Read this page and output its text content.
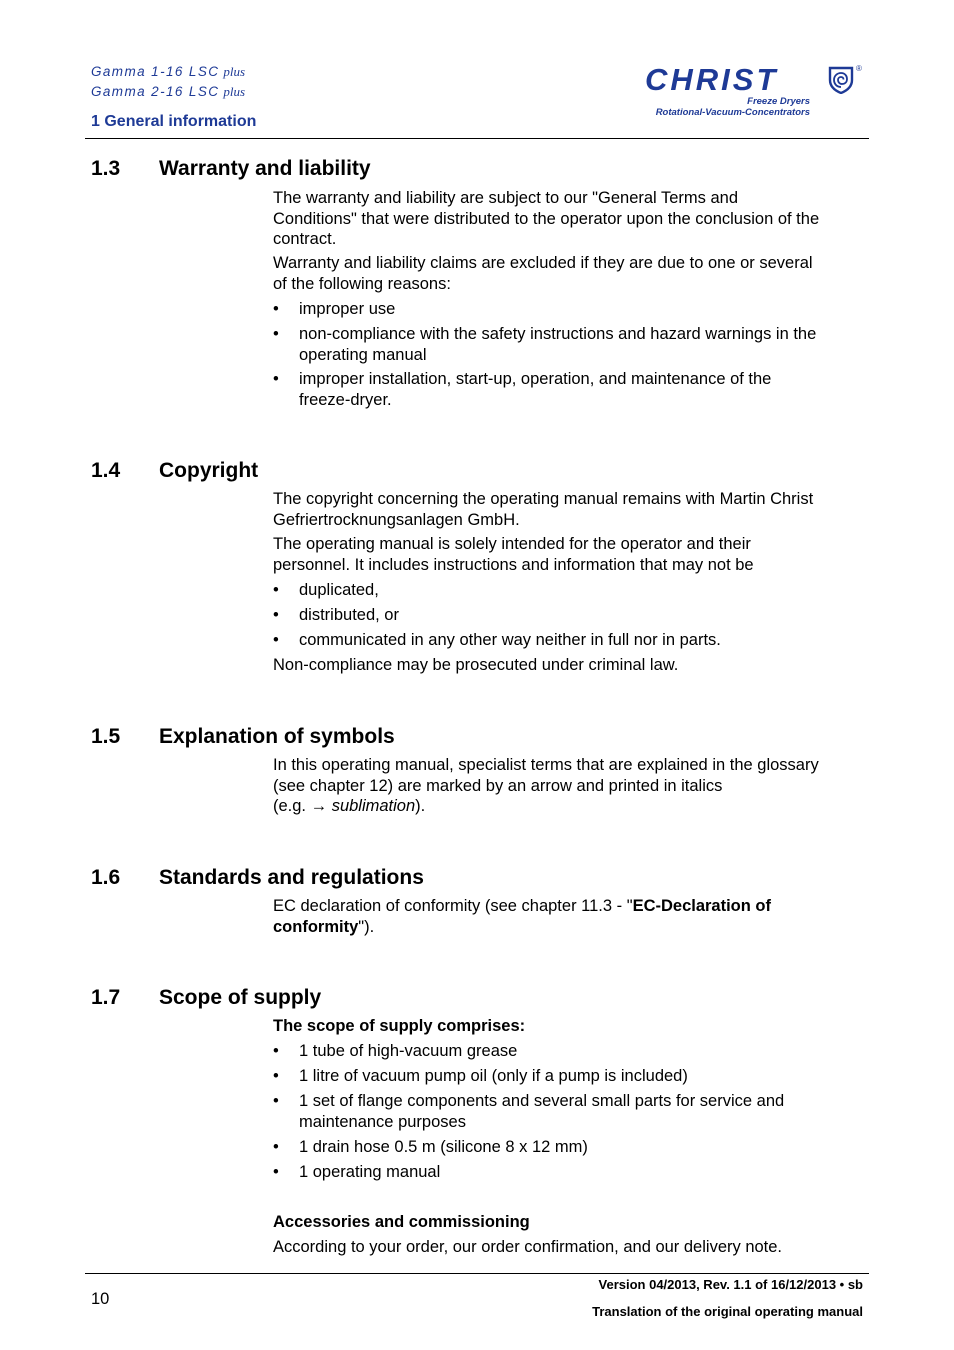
Gamma 1-16 LSC plus
Gamma 2-16 LSC plus
1 General information
CHRIST	®
Freeze Dryers
Rotational-Vacuum-Concentrators
1.3 Warranty and liability
The warranty and liability are subject to our "General Terms and
Conditions" that were distributed to the operator upon the conclusion of the
contract.
Warranty and liability claims are excluded if they are due to one or several
of the following reasons:
• improper use
• non-compliance with the safety instructions and hazard warnings in the
operating manual
• improper installation, start-up, operation, and maintenance of the
freeze-dryer.
1.4 Copyright
The copyright concerning the operating manual remains with Martin Christ
Gefriertrocknungsanlagen GmbH.
The operating manual is solely intended for the operator and their
personnel. It includes instructions and information that may not be
• duplicated,
• distributed, or
• communicated in any other way neither in full nor in parts.
Non-compliance may be prosecuted under criminal law.
1.5 Explanation of symbols
In this operating manual, specialist terms that are explained in the glossary
(see chapter 12) are marked by an arrow and printed in italics
(e.g. → sublimation).
1.6 Standards and regulations
EC declaration of conformity (see chapter 11.3 - "EC-Declaration of
conformity").
1.7 Scope of supply
The scope of supply comprises:
• 1 tube of high-vacuum grease
• 1 litre of vacuum pump oil (only if a pump is included)
• 1 set of flange components and several small parts for service and
maintenance purposes
• 1 drain hose 0.5 m (silicone 8 x 12 mm)
• 1 operating manual
Accessories and commissioning
According to your order, our order confirmation, and our delivery note.
10
Version 04/2013, Rev. 1.1 of 16/12/2013 • sb
Translation of the original operating manual
